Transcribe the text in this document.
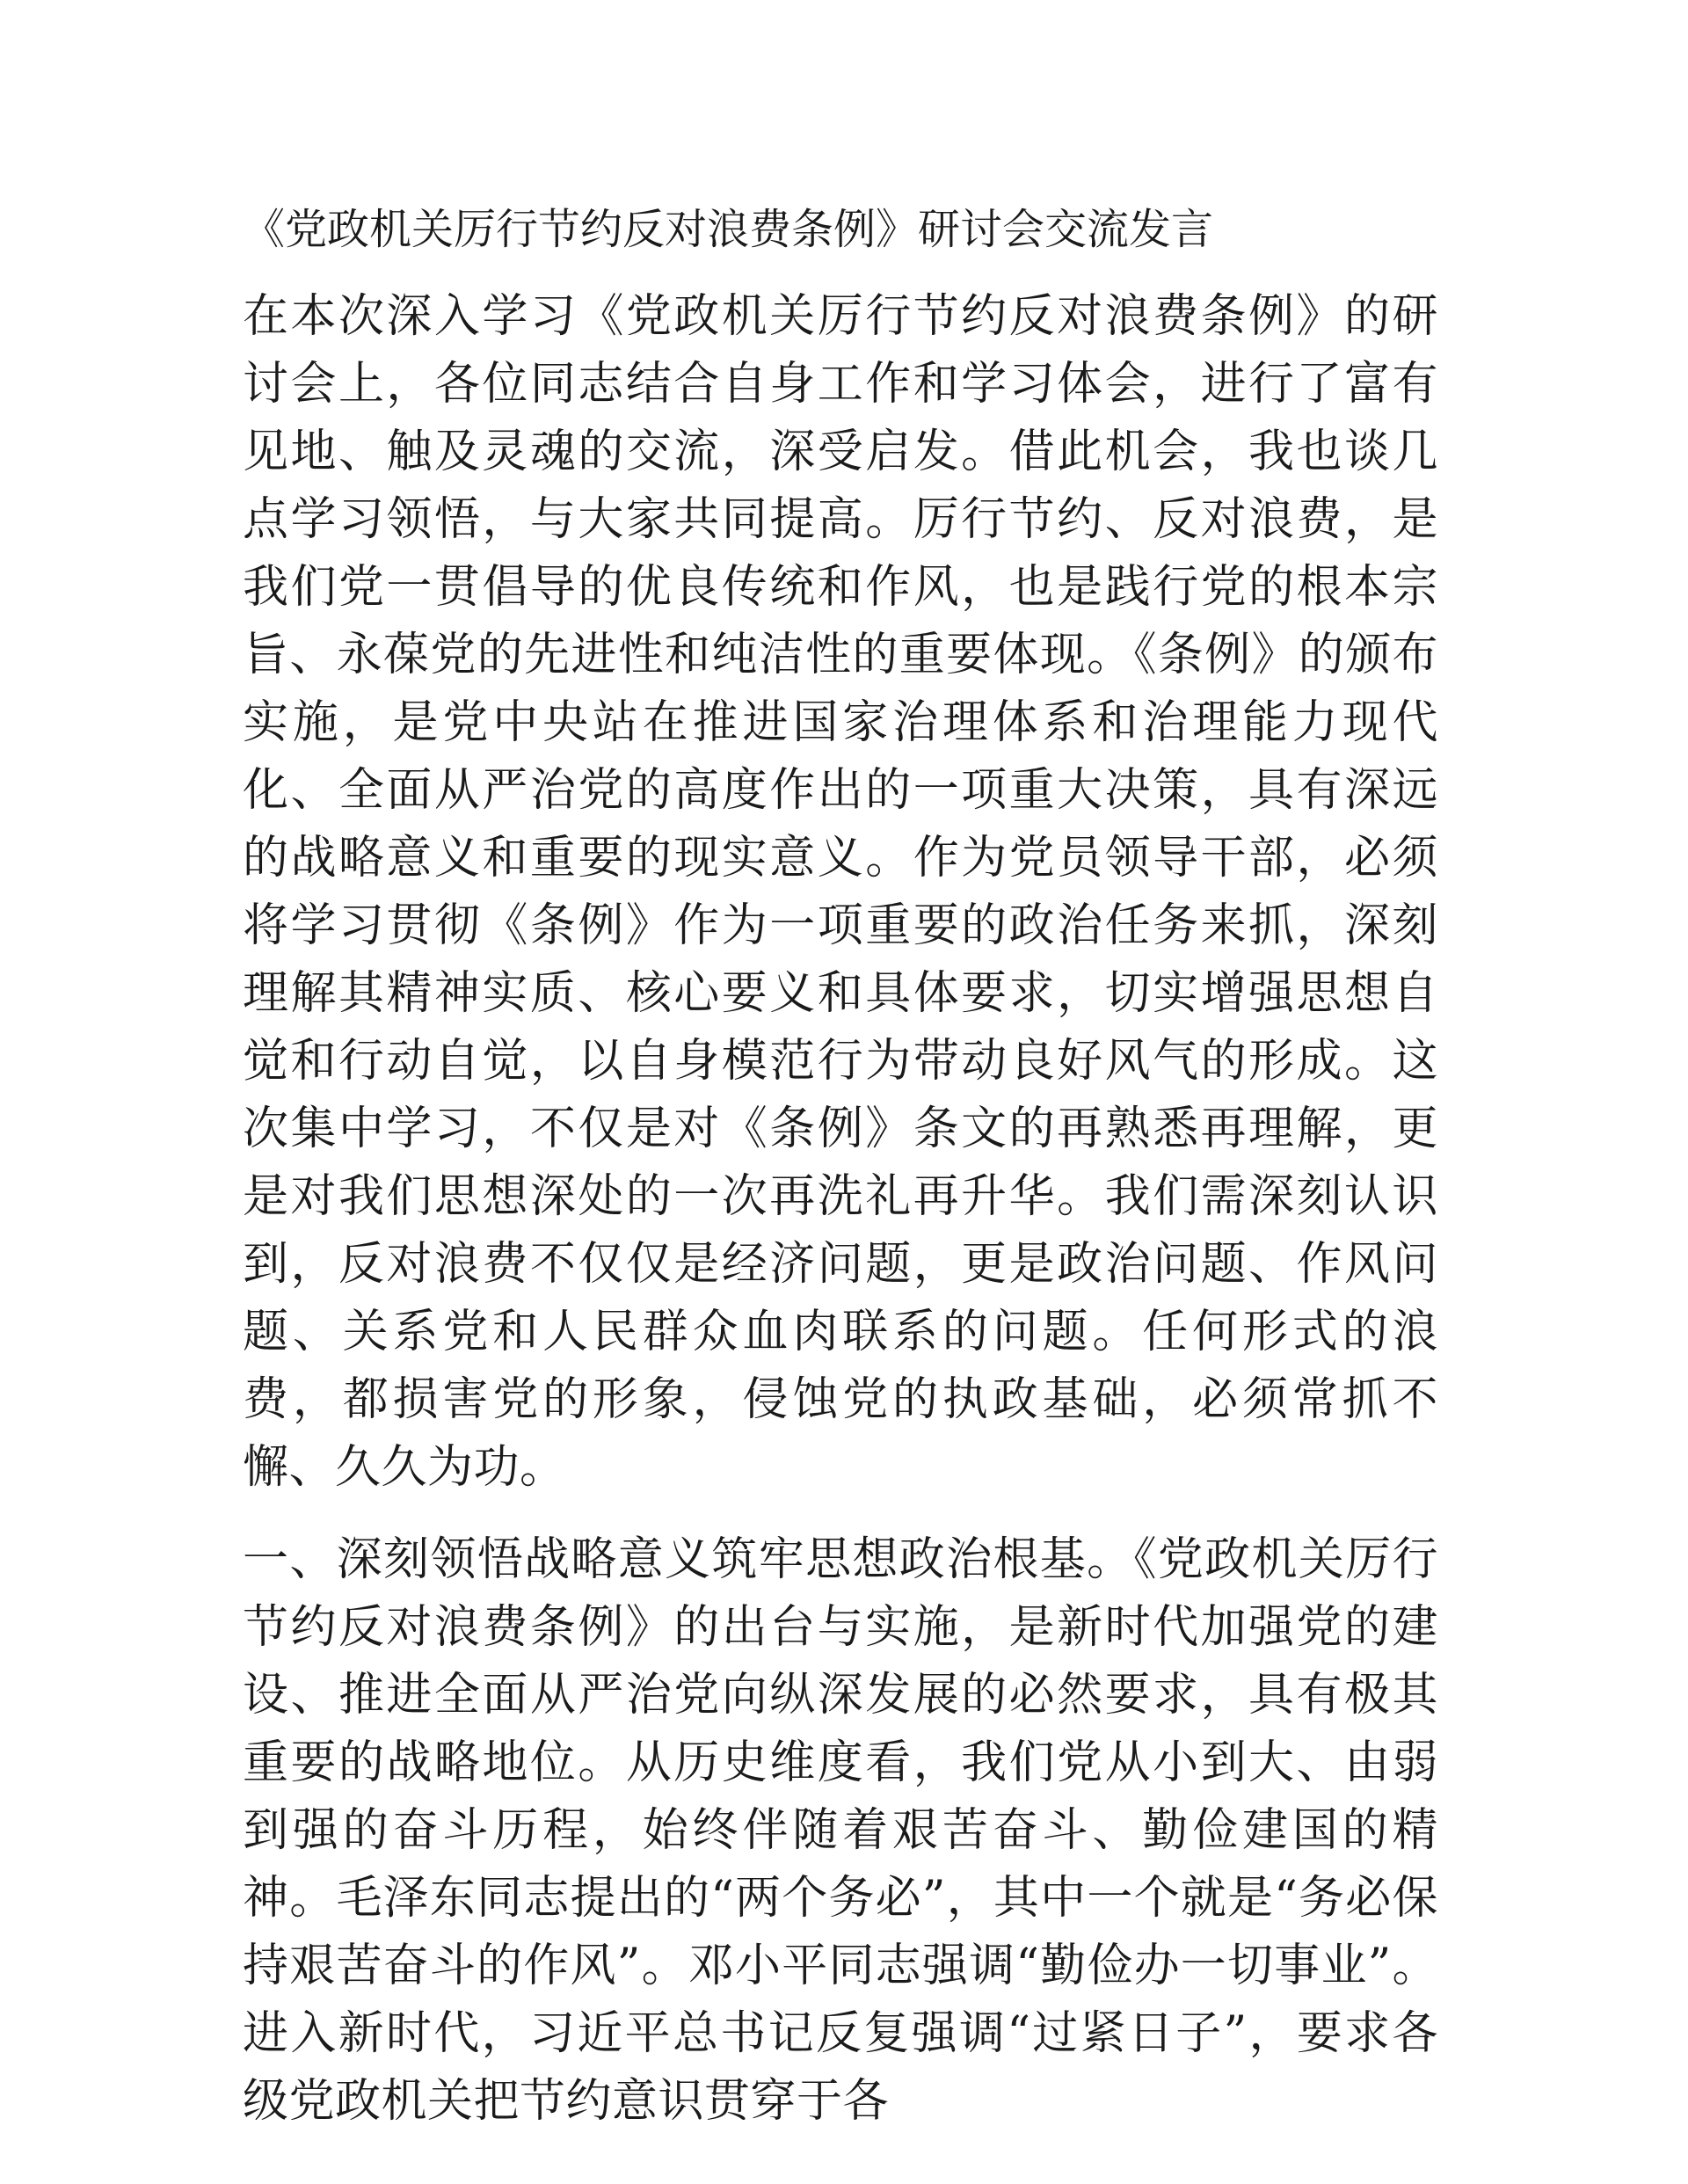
《党政机关厉行节约反对浪费条例》研讨会交流发言

在本次深入学习《党政机关厉行节约反对浪费条例》的研讨会上，各位同志结合自身工作和学习体会，进行了富有见地、触及灵魂的交流，深受启发。借此机会，我也谈几点学习领悟，与大家共同提高。厉行节约、反对浪费，是我们党一贯倡导的优良传统和作风，也是践行党的根本宗旨、永葆党的先进性和纯洁性的重要体现。《条例》的颁布实施，是党中央站在推进国家治理体系和治理能力现代化、全面从严治党的高度作出的一项重大决策，具有深远的战略意义和重要的现实意义。作为党员领导干部，必须将学习贯彻《条例》作为一项重要的政治任务来抓，深刻理解其精神实质、核心要义和具体要求，切实增强思想自觉和行动自觉，以自身模范行为带动良好风气的形成。这次集中学习，不仅是对《条例》条文的再熟悉再理解，更是对我们思想深处的一次再洗礼再升华。我们需深刻认识到，反对浪费不仅仅是经济问题，更是政治问题、作风问题、关系党和人民群众血肉联系的问题。任何形式的浪费，都损害党的形象，侵蚀党的执政基础，必须常抓不懈、久久为功。

一、深刻领悟战略意义筑牢思想政治根基。《党政机关厉行节约反对浪费条例》的出台与实施，是新时代加强党的建设、推进全面从严治党向纵深发展的必然要求，具有极其重要的战略地位。从历史维度看，我们党从小到大、由弱到强的奋斗历程，始终伴随着艰苦奋斗、勤俭建国的精神。毛泽东同志提出的“两个务必”，其中一个就是“务必保持艰苦奋斗的作风”。邓小平同志强调“勤俭办一切事业”。进入新时代，习近平总书记反复强调“过紧日子”，要求各级党政机关把节约意识贯穿于各
